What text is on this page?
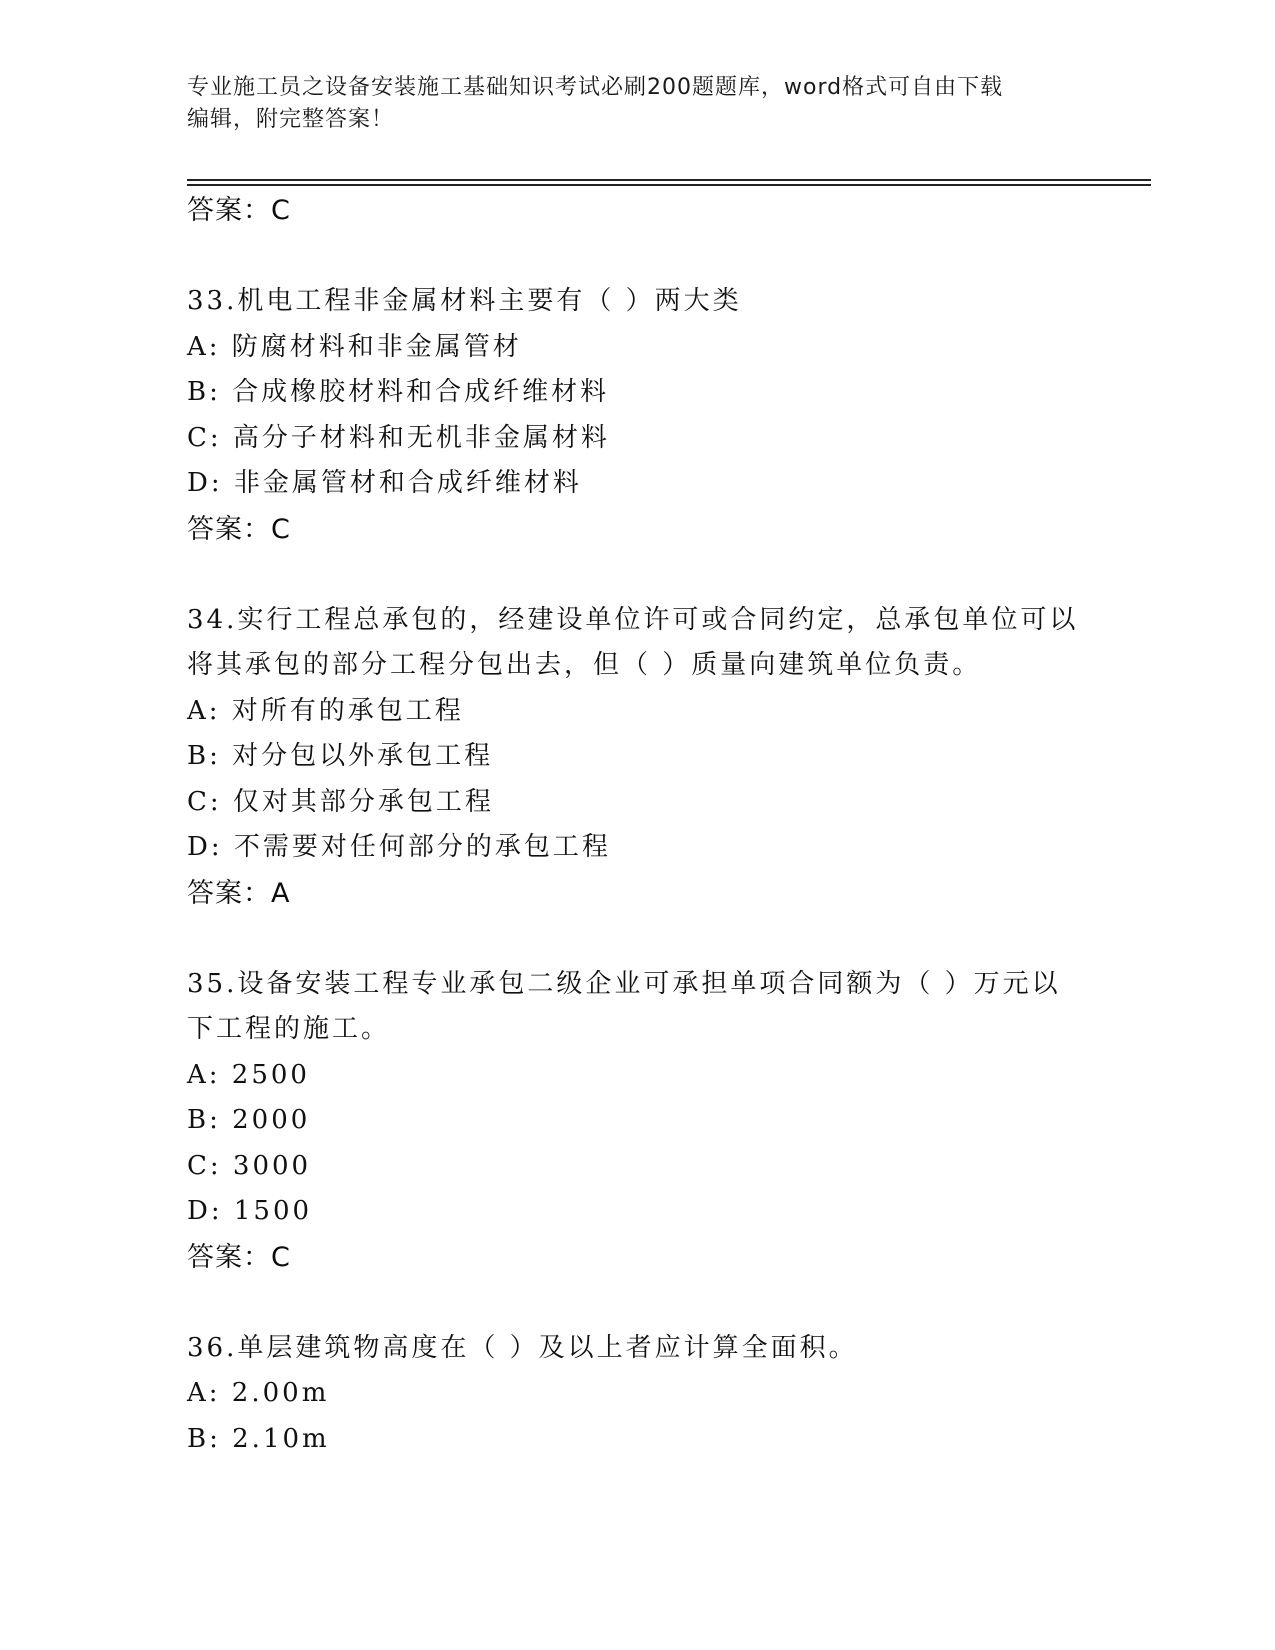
专业施工员之设备安装施工基础知识考试必刷200题题库，word格式可自由下载
编辑，附完整答案！
答案：C
33.机电工程非金属材料主要有（ ）两大类
A: 防腐材料和非金属管材
B: 合成橡胶材料和合成纤维材料
C: 高分子材料和无机非金属材料
D: 非金属管材和合成纤维材料
答案：C
34.实行工程总承包的，经建设单位许可或合同约定，总承包单位可以
将其承包的部分工程分包出去，但（ ）质量向建筑单位负责。
A: 对所有的承包工程
B: 对分包以外承包工程
C: 仅对其部分承包工程
D: 不需要对任何部分的承包工程
答案：A
35.设备安装工程专业承包二级企业可承担单项合同额为（ ）万元以
下工程的施工。
A: 2500
B: 2000
C: 3000
D: 1500
答案：C
36.单层建筑物高度在（ ）及以上者应计算全面积。
A: 2.00m
B: 2.10m
